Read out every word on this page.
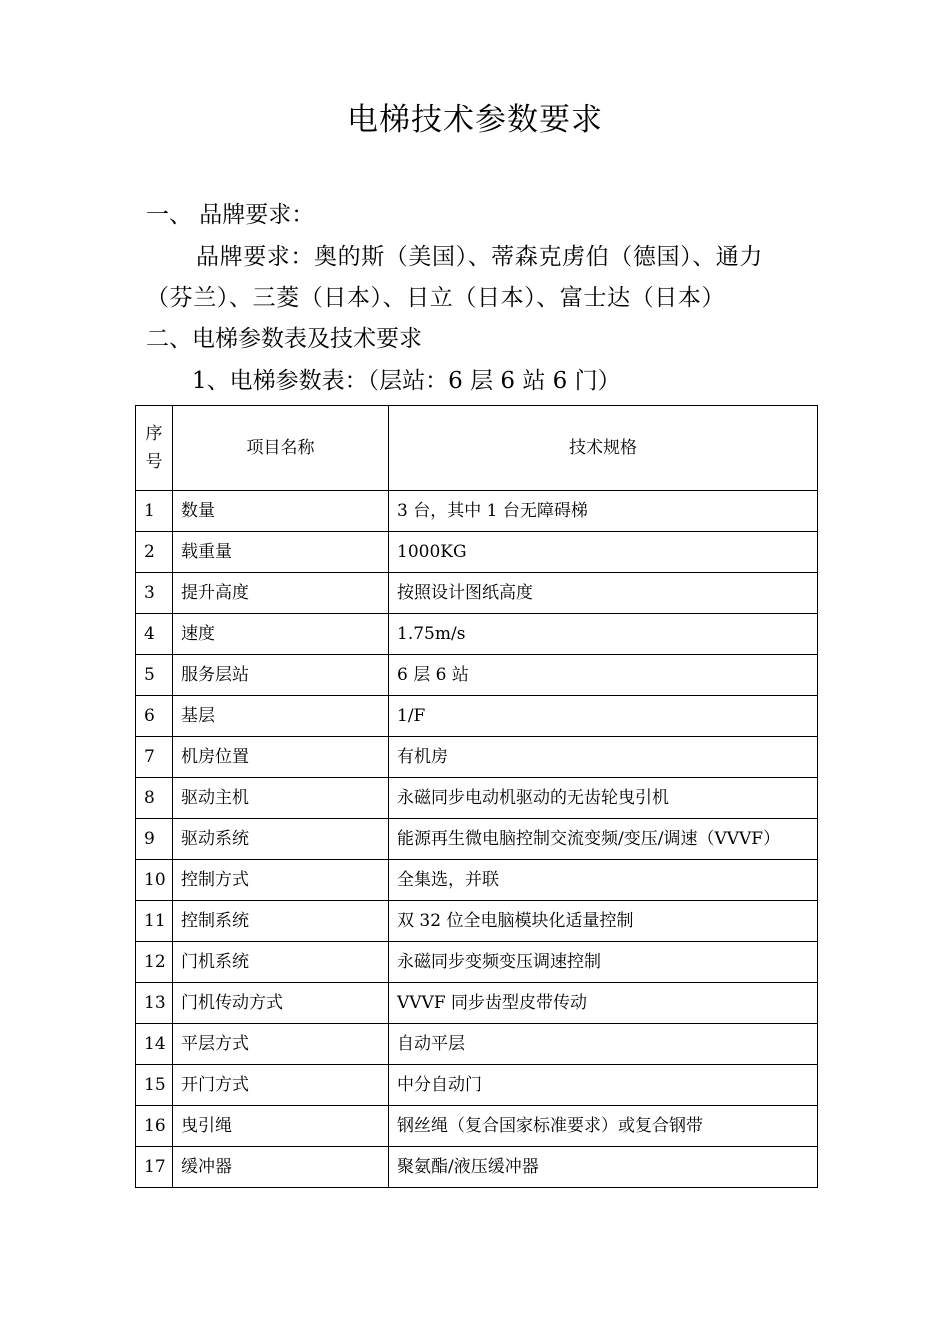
电梯技术参数要求
一、 品牌要求：
品牌要求：奥的斯（美国）、蒂森克虏伯（德国）、通力
（芬兰）、三菱（日本）、日立（日本）、富士达（日本）
二、电梯参数表及技术要求
1、电梯参数表：（层站：6 层 6 站 6 门）
序
号	项目名称	技术规格
1	数量	3 台，其中 1 台无障碍梯
2	载重量	1000KG
3	提升高度	按照设计图纸高度
4	速度	1.75m/s
5	服务层站	6 层 6 站
6	基层	1/F
7	机房位置	有机房
8	驱动主机	永磁同步电动机驱动的无齿轮曳引机
9	驱动系统	能源再生微电脑控制交流变频/变压/调速（VVVF）
10	控制方式	全集选，并联
11	控制系统	双 32 位全电脑模块化适量控制
12	门机系统	永磁同步变频变压调速控制
13	门机传动方式	VVVF 同步齿型皮带传动
14	平层方式	自动平层
15	开门方式	中分自动门
16	曳引绳	钢丝绳（复合国家标准要求）或复合钢带
17	缓冲器	聚氨酯/液压缓冲器
